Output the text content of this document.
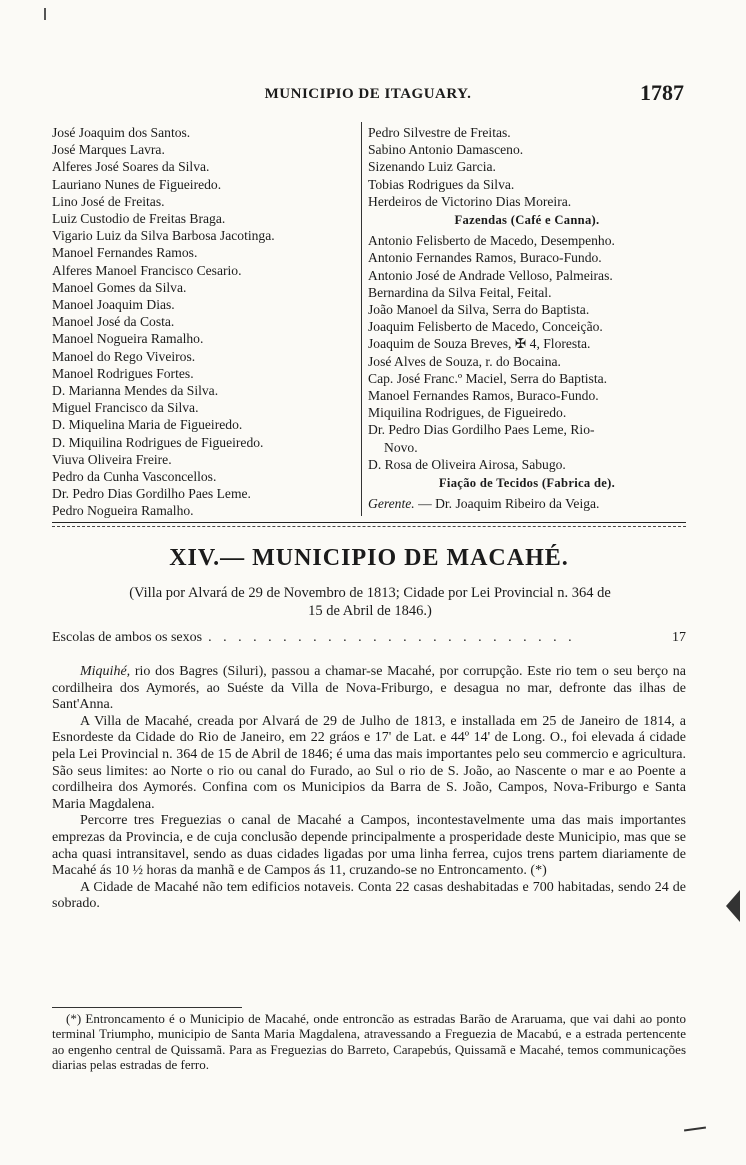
MUNICIPIO DE ITAGUARY.	1787
José Joaquim dos Santos.
José Marques Lavra.
Alferes José Soares da Silva.
Lauriano Nunes de Figueiredo.
Lino José de Freitas.
Luiz Custodio de Freitas Braga.
Vigario Luiz da Silva Barbosa Jacotinga.
Manoel Fernandes Ramos.
Alferes Manoel Francisco Cesario.
Manoel Gomes da Silva.
Manoel Joaquim Dias.
Manoel José da Costa.
Manoel Nogueira Ramalho.
Manoel do Rego Viveiros.
Manoel Rodrigues Fortes.
D. Marianna Mendes da Silva.
Miguel Francisco da Silva.
D. Miquelina Maria de Figueiredo.
D. Miquilina Rodrigues de Figueiredo.
Viuva Oliveira Freire.
Pedro da Cunha Vasconcellos.
Dr. Pedro Dias Gordilho Paes Leme.
Pedro Nogueira Ramalho.
Pedro Silvestre de Freitas.
Sabino Antonio Damasceno.
Sizenando Luiz Garcia.
Tobias Rodrigues da Silva.
Herdeiros de Victorino Dias Moreira.
Fazendas (Café e Canna).
Antonio Felisberto de Macedo, Desempenho.
Antonio Fernandes Ramos, Buraco-Fundo.
Antonio José de Andrade Velloso, Palmeiras.
Bernardina da Silva Feital, Feital.
João Manoel da Silva, Serra do Baptista.
Joaquim Felisberto de Macedo, Conceição.
Joaquim de Souza Breves, ✠ 4, Floresta.
José Alves de Souza, r. do Bocaina.
Cap. José Franc.º Maciel, Serra do Baptista.
Manoel Fernandes Ramos, Buraco-Fundo.
Miquilina Rodrigues, de Figueiredo.
Dr. Pedro Dias Gordilho Paes Leme, Rio-
Novo.
D. Rosa de Oliveira Airosa, Sabugo.
Fiação de Tecidos (Fabrica de).
Gerente. — Dr. Joaquim Ribeiro da Veiga.
XIV.— MUNICIPIO DE MACAHÉ.
(Villa por Alvará de 29 de Novembro de 1813; Cidade por Lei Provincial n. 364 de
15 de Abril de 1846.)
Escolas de ambos os sexos . . . . . . . . . . . . . . . . . . . . . . . . .	17

Miquihé, rio dos Bagres (Siluri), passou a chamar-se Macahé, por corrupção. Este rio tem o seu berço na cordilheira dos Aymorés, ao Suéste da Villa de Nova-Friburgo, e desagua no mar, defronte das ilhas de Sant'Anna.

A Villa de Macahé, creada por Alvará de 29 de Julho de 1813, e installada em 25 de Janeiro de 1814, a Esnordeste da Cidade do Rio de Janeiro, em 22 gráos e 17' de Lat. e 44º 14' de Long. O., foi elevada á cidade pela Lei Provincial n. 364 de 15 de Abril de 1846; é uma das mais importantes pelo seu commercio e agricultura. São seus limites: ao Norte o rio ou canal do Furado, ao Sul o rio de S. João, ao Nascente o mar e ao Poente a cordilheira dos Aymorés. Confina com os Municipios da Barra de S. João, Campos, Nova-Friburgo e Santa Maria Magdalena.

Percorre tres Freguezias o canal de Macahé a Campos, incontestavelmente uma das mais importantes emprezas da Provincia, e de cuja conclusão depende principalmente a prosperidade deste Municipio, mas que se acha quasi intransitavel, sendo as duas cidades ligadas por uma linha ferrea, cujos trens partem diariamente de Macahé ás 10 ½ horas da manhã e de Campos ás 11, cruzando-se no Entroncamento. (*)

A Cidade de Macahé não tem edificios notaveis. Conta 22 casas deshabitadas e 700 habitadas, sendo 24 de sobrado.

(*) Entroncamento é o Municipio de Macahé, onde entroncão as estradas Barão de Araruama, que vai dahi ao ponto terminal Triumpho, municipio de Santa Maria Magdalena, atravessando a Freguezia de Macabú, e a estrada pertencente ao engenho central de Quissamã. Para as Freguezias do Barreto, Carapebús, Quissamã e Macahé, temos communicações diarias pelas estradas de ferro.
